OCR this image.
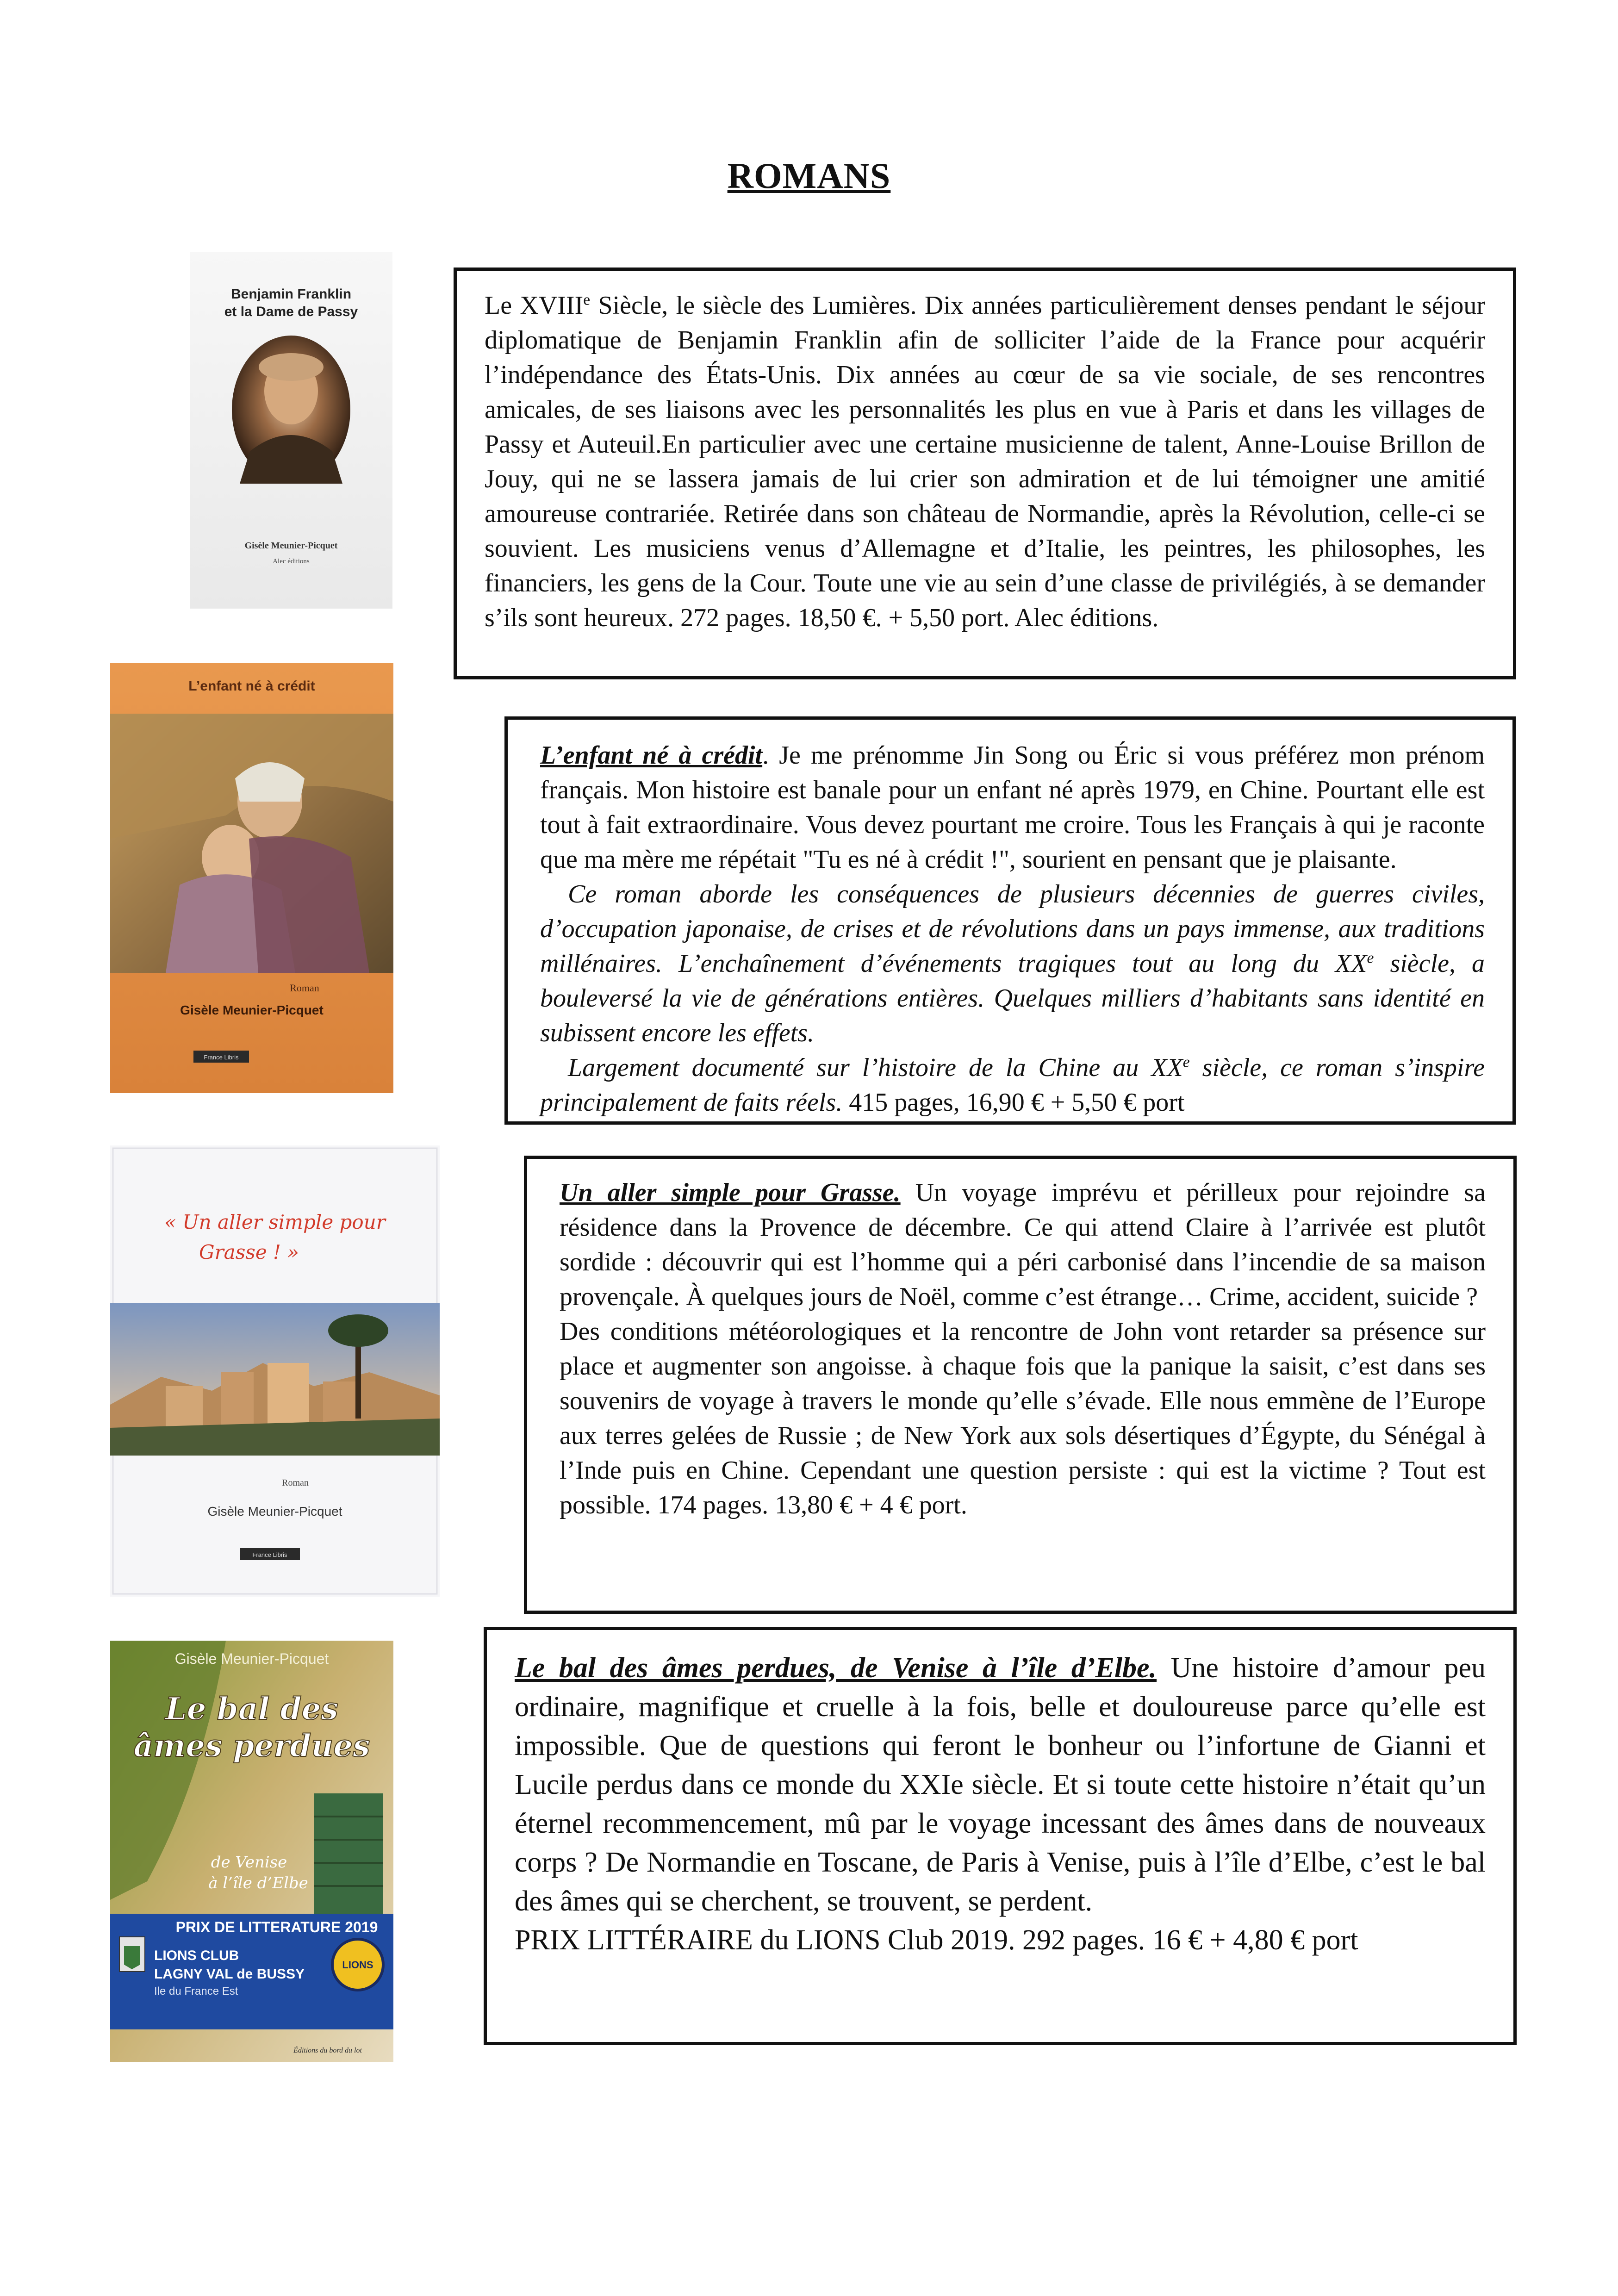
ROMANS
Benjamin Franklin
et la Dame de Passy
Gisèle Meunier-Picquet
Alec éditions

Le XVIIIe Siècle, le siècle des Lumières. Dix années particulièrement denses pendant le séjour diplomatique de Benjamin Franklin afin de solliciter l’aide de la France pour acquérir l’indépendance des États-Unis. Dix années au cœur de sa vie sociale, de ses rencontres amicales, de ses liaisons avec les personnalités les plus en vue à Paris et dans les villages de Passy et Auteuil.En particulier avec une certaine musicienne de talent, Anne-Louise Brillon de Jouy, qui ne se lassera jamais de lui crier son admiration et de lui témoigner une amitié amoureuse contrariée. Retirée dans son château de Normandie, après la Révolution, celle-ci se souvient. Les musiciens venus d’Allemagne et d’Italie, les peintres, les philosophes, les financiers, les gens de la Cour. Toute une vie au sein d’une classe de privilégiés, à se demander s’ils sont heureux. 272 pages. 18,50 €. + 5,50 port. Alec éditions.

L’enfant né à crédit
Roman
Gisèle Meunier-Picquet
France Libris

L’enfant né à crédit. Je me prénomme Jin Song ou Éric si vous préférez mon prénom français. Mon histoire est banale pour un enfant né après 1979, en Chine. Pourtant elle est tout à fait extraordinaire. Vous devez pourtant me croire. Tous les Français à qui je raconte que ma mère me répétait "Tu es né à crédit !", sourient en pensant que je plaisante.

Ce roman aborde les conséquences de plusieurs décennies de guerres civiles, d’occupation japonaise, de crises et de révolutions dans un pays immense, aux traditions millénaires. L’enchaînement d’événements tragiques tout au long du XXe siècle, a bouleversé la vie de générations entières. Quelques milliers d’habitants sans identité en subissent encore les effets.

Largement documenté sur l’histoire de la Chine au XXe siècle, ce roman s’inspire principalement de faits réels. 415 pages, 16,90 € + 5,50 € port

« Un aller simple pour
Grasse ! »
Roman
Gisèle Meunier-Picquet
France Libris

Un aller simple pour Grasse. Un voyage imprévu et périlleux pour rejoindre sa résidence dans la Provence de décembre. Ce qui attend Claire à l’arrivée est plutôt sordide : découvrir qui est l’homme qui a péri carbonisé dans l’incendie de sa maison provençale. À quelques jours de Noël, comme c’est étrange… Crime, accident, suicide ?

Des conditions météorologiques et la rencontre de John vont retarder sa présence sur place et augmenter son angoisse. à chaque fois que la panique la saisit, c’est dans ses souvenirs de voyage à travers le monde qu’elle s’évade. Elle nous emmène de l’Europe aux terres gelées de Russie ; de New York aux sols désertiques d’Égypte, du Sénégal à l’Inde puis en Chine. Cependant une question persiste : qui est la victime ? Tout est possible. 174 pages. 13,80 € + 4 € port.

Gisèle Meunier-Picquet
Le bal des
âmes perdues
de Venise
à l’île d’Elbe
PRIX DE LITTERATURE 2019
LIONS CLUB
LAGNY VAL de BUSSY
Ile du France Est
LIONS
Éditions du bord du lot

Le bal des âmes perdues, de Venise à l’île d’Elbe. Une histoire d’amour peu ordinaire, magnifique et cruelle à la fois, belle et douloureuse parce qu’elle est impossible. Que de questions qui feront le bonheur ou l’infortune de Gianni et Lucile perdus dans ce monde du XXIe siècle. Et si toute cette histoire n’était qu’un éternel recommencement, mû par le voyage incessant des âmes dans de nouveaux corps ? De Normandie en Toscane, de Paris à Venise, puis à l’île d’Elbe, c’est le bal des âmes qui se cherchent, se trouvent, se perdent.

PRIX LITTÉRAIRE du LIONS Club 2019. 292 pages. 16 € + 4,80 € port
